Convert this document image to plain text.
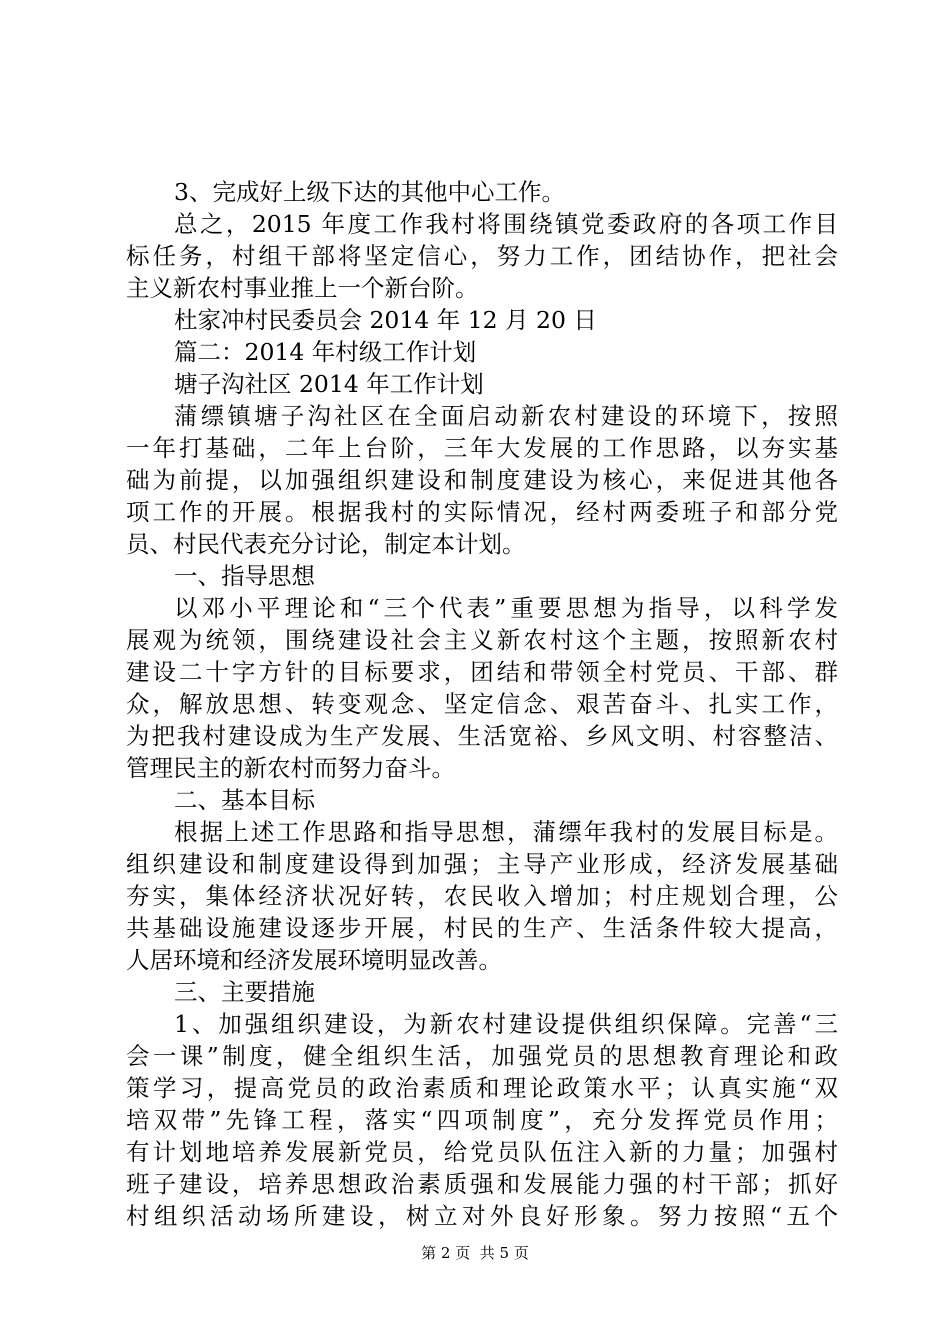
3、完成好上级下达的其他中心工作。
总之，2015 年度工作我村将围绕镇党委政府的各项工作目
标任务，村组干部将坚定信心，努力工作，团结协作，把社会
主义新农村事业推上一个新台阶。
杜家冲村民委员会 2014 年 12 月 20 日
篇二：2014 年村级工作计划
塘子沟社区 2014 年工作计划
蒲缥镇塘子沟社区在全面启动新农村建设的环境下，按照
一年打基础，二年上台阶，三年大发展的工作思路，以夯实基
础为前提，以加强组织建设和制度建设为核心，来促进其他各
项工作的开展。根据我村的实际情况，经村两委班子和部分党
员、村民代表充分讨论，制定本计划。
一、指导思想
以邓小平理论和“三个代表”重要思想为指导，以科学发
展观为统领，围绕建设社会主义新农村这个主题，按照新农村
建设二十字方针的目标要求，团结和带领全村党员、干部、群
众，解放思想、转变观念、坚定信念、艰苦奋斗、扎实工作，
为把我村建设成为生产发展、生活宽裕、乡风文明、村容整洁、
管理民主的新农村而努力奋斗。
二、基本目标
根据上述工作思路和指导思想，蒲缥年我村的发展目标是。
组织建设和制度建设得到加强；主导产业形成，经济发展基础
夯实，集体经济状况好转，农民收入增加；村庄规划合理，公
共基础设施建设逐步开展，村民的生产、生活条件较大提高，
人居环境和经济发展环境明显改善。
三、主要措施
1、加强组织建设，为新农村建设提供组织保障。完善“三
会一课”制度，健全组织生活，加强党员的思想教育理论和政
策学习，提高党员的政治素质和理论政策水平；认真实施“双
培双带”先锋工程，落实“四项制度”，充分发挥党员作用；
有计划地培养发展新党员，给党员队伍注入新的力量；加强村
班子建设，培养思想政治素质强和发展能力强的村干部；抓好
村组织活动场所建设，树立对外良好形象。努力按照“五个
第 2 页 共 5 页
